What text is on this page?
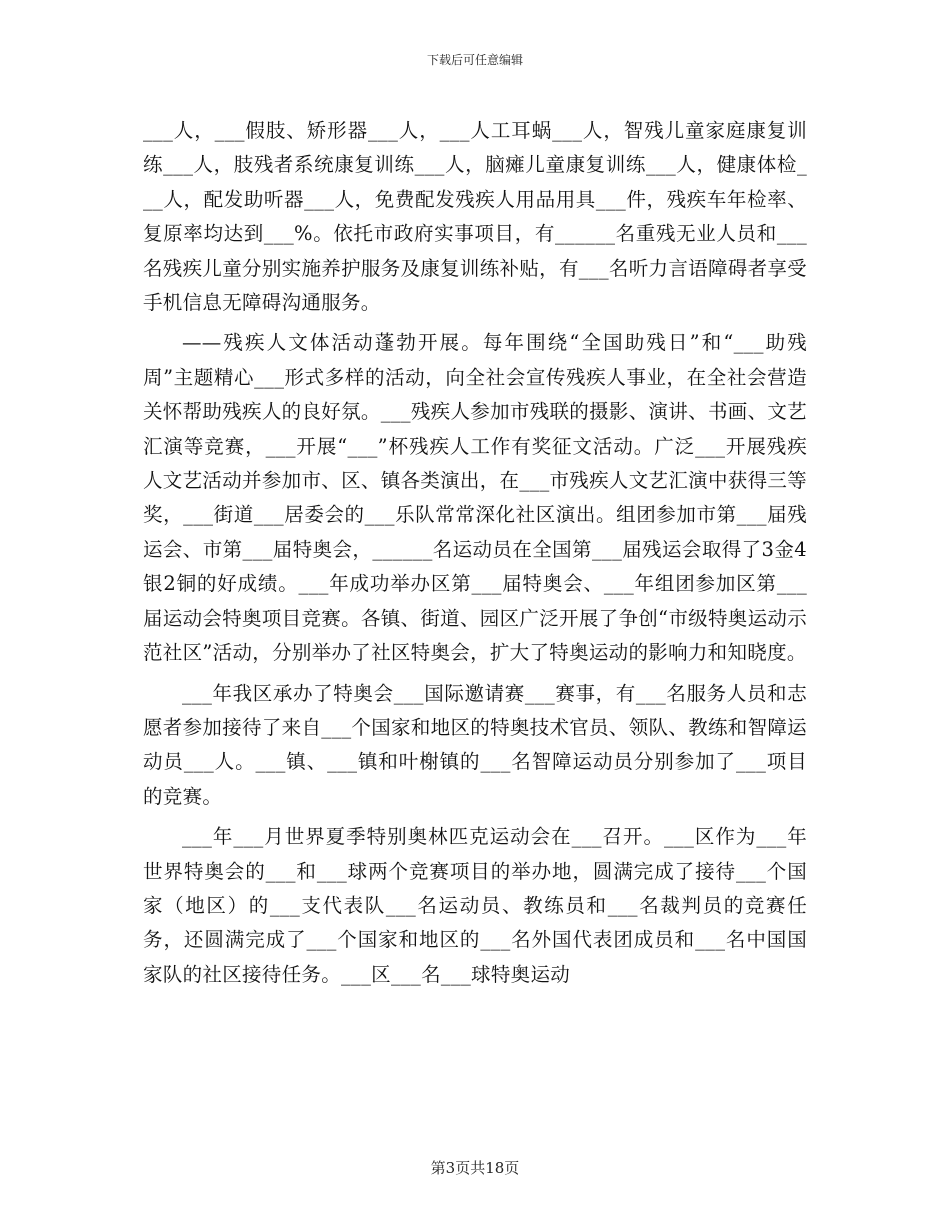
下载后可任意编辑

___人，___假肢、矫形器___人，___人工耳蜗___人，智残儿童家庭康复训练___人，肢残者系统康复训练___人，脑瘫儿童康复训练___人，健康体检___人，配发助听器___人，免费配发残疾人用品用具___件，残疾车年检率、复原率均达到___%。依托市政府实事项目，有______名重残无业人员和___名残疾儿童分别实施养护服务及康复训练补贴，有___名听力言语障碍者享受手机信息无障碍沟通服务。

——残疾人文体活动蓬勃开展。每年围绕“全国助残日”和“___助残周”主题精心___形式多样的活动，向全社会宣传残疾人事业，在全社会营造关怀帮助残疾人的良好氛。___残疾人参加市残联的摄影、演讲、书画、文艺汇演等竞赛，___开展“___”杯残疾人工作有奖征文活动。广泛___开展残疾人文艺活动并参加市、区、镇各类演出，在___市残疾人文艺汇演中获得三等奖，___街道___居委会的___乐队常常深化社区演出。组团参加市第___届残运会、市第___届特奥会，______名运动员在全国第___届残运会取得了3金4银2铜的好成绩。___年成功举办区第___届特奥会、___年组团参加区第___届运动会特奥项目竞赛。各镇、街道、园区广泛开展了争创“市级特奥运动示范社区”活动，分别举办了社区特奥会，扩大了特奥运动的影响力和知晓度。

___年我区承办了特奥会___国际邀请赛___赛事，有___名服务人员和志愿者参加接待了来自___个国家和地区的特奥技术官员、领队、教练和智障运动员___人。___镇、___镇和叶榭镇的___名智障运动员分别参加了___项目的竞赛。

___年___月世界夏季特别奥林匹克运动会在___召开。___区作为___年世界特奥会的___和___球两个竞赛项目的举办地，圆满完成了接待___个国家（地区）的___支代表队___名运动员、教练员和___名裁判员的竞赛任务，还圆满完成了___个国家和地区的___名外国代表团成员和___名中国国家队的社区接待任务。___区___名___球特奥运动

第3页共18页
